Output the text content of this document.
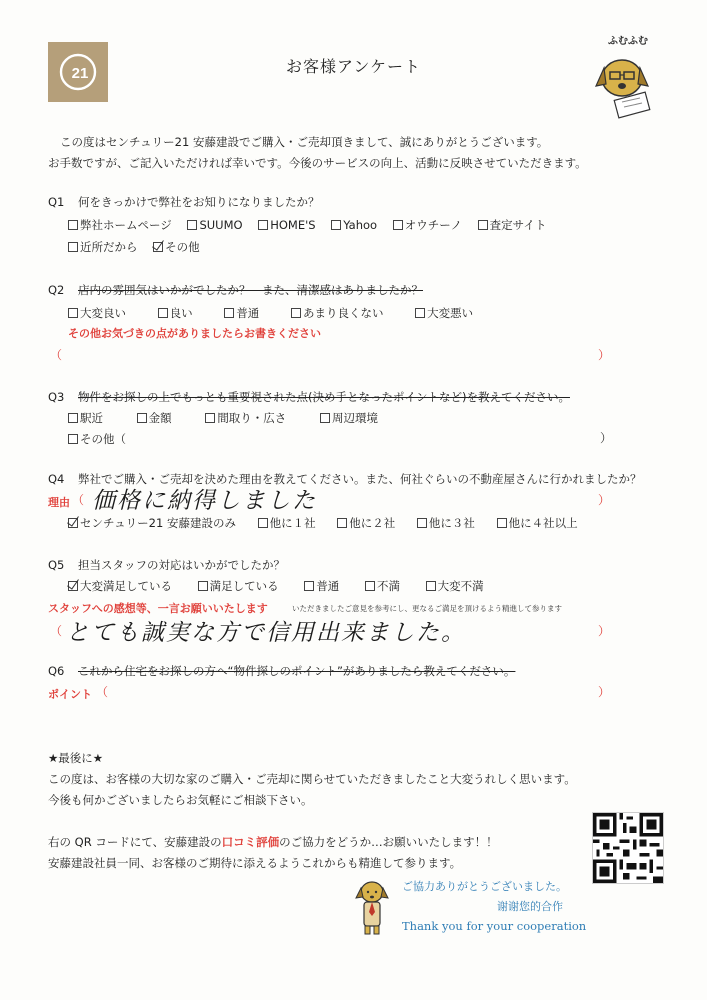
21	お客様アンケート
ふむふむ
この度はセンチュリー21 安藤建設でご購入・ご売却頂きまして、誠にありがとうございます。
お手数ですが、ご記入いただければ幸いです。今後のサービスの向上、活動に反映させていただきます。
Q1 何をきっかけで弊社をお知りになりましたか？
弊社ホームページ
SUUMO
HOME'S
Yahoo
オウチーノ
査定サイト
近所だから
その他
Q2 店内の雰囲気はいかがでしたか？　また、清潔感はありましたか？
大変良い
	良い
	普通
	あまり良くない
	大変悪い
その他お気づきの点がありましたらお書きください
（	）
Q3 物件をお探しの上でもっとも重要視された点(決め手となったポイントなど)を教えてください。
駅近
	金額
	間取り・広さ
	周辺環境
その他（	）
Q4 弊社でご購入・ご売却を決めた理由を教えてください。また、何社ぐらいの不動産屋さんに行かれましたか？
理由 （ 価格に納得しました	）
センチュリー21 安藤建設のみ
	他に１社
	他に２社
	他に３社
	他に４社以上
Q5 担当スタッフの対応はいかがでしたか？
大変満足している
	満足している
	普通
	不満
	大変不満
スタッフへの感想等、一言お願いいたします	いただきましたご意見を参考にし、更なるご満足を頂けるよう精進して参ります
（ とても誠実な方で信用出来ました。	）
Q6 これから住宅をお探しの方へ“物件探しのポイント”がありましたら教えてください。
ポイント （	）
★最後に★
この度は、お客様の大切な家のご購入・ご売却に関らせていただきましたこと大変うれしく思います。
今後も何かございましたらお気軽にご相談下さい。
右の QR コードにて、安藤建設の口コミ評価のご協力をどうか…お願いいたします！！
安藤建設社員一同、お客様のご期待に添えるようこれからも精進して参ります。
ご協力ありがとうございました。
谢谢您的合作
Thank you for your cooperation
